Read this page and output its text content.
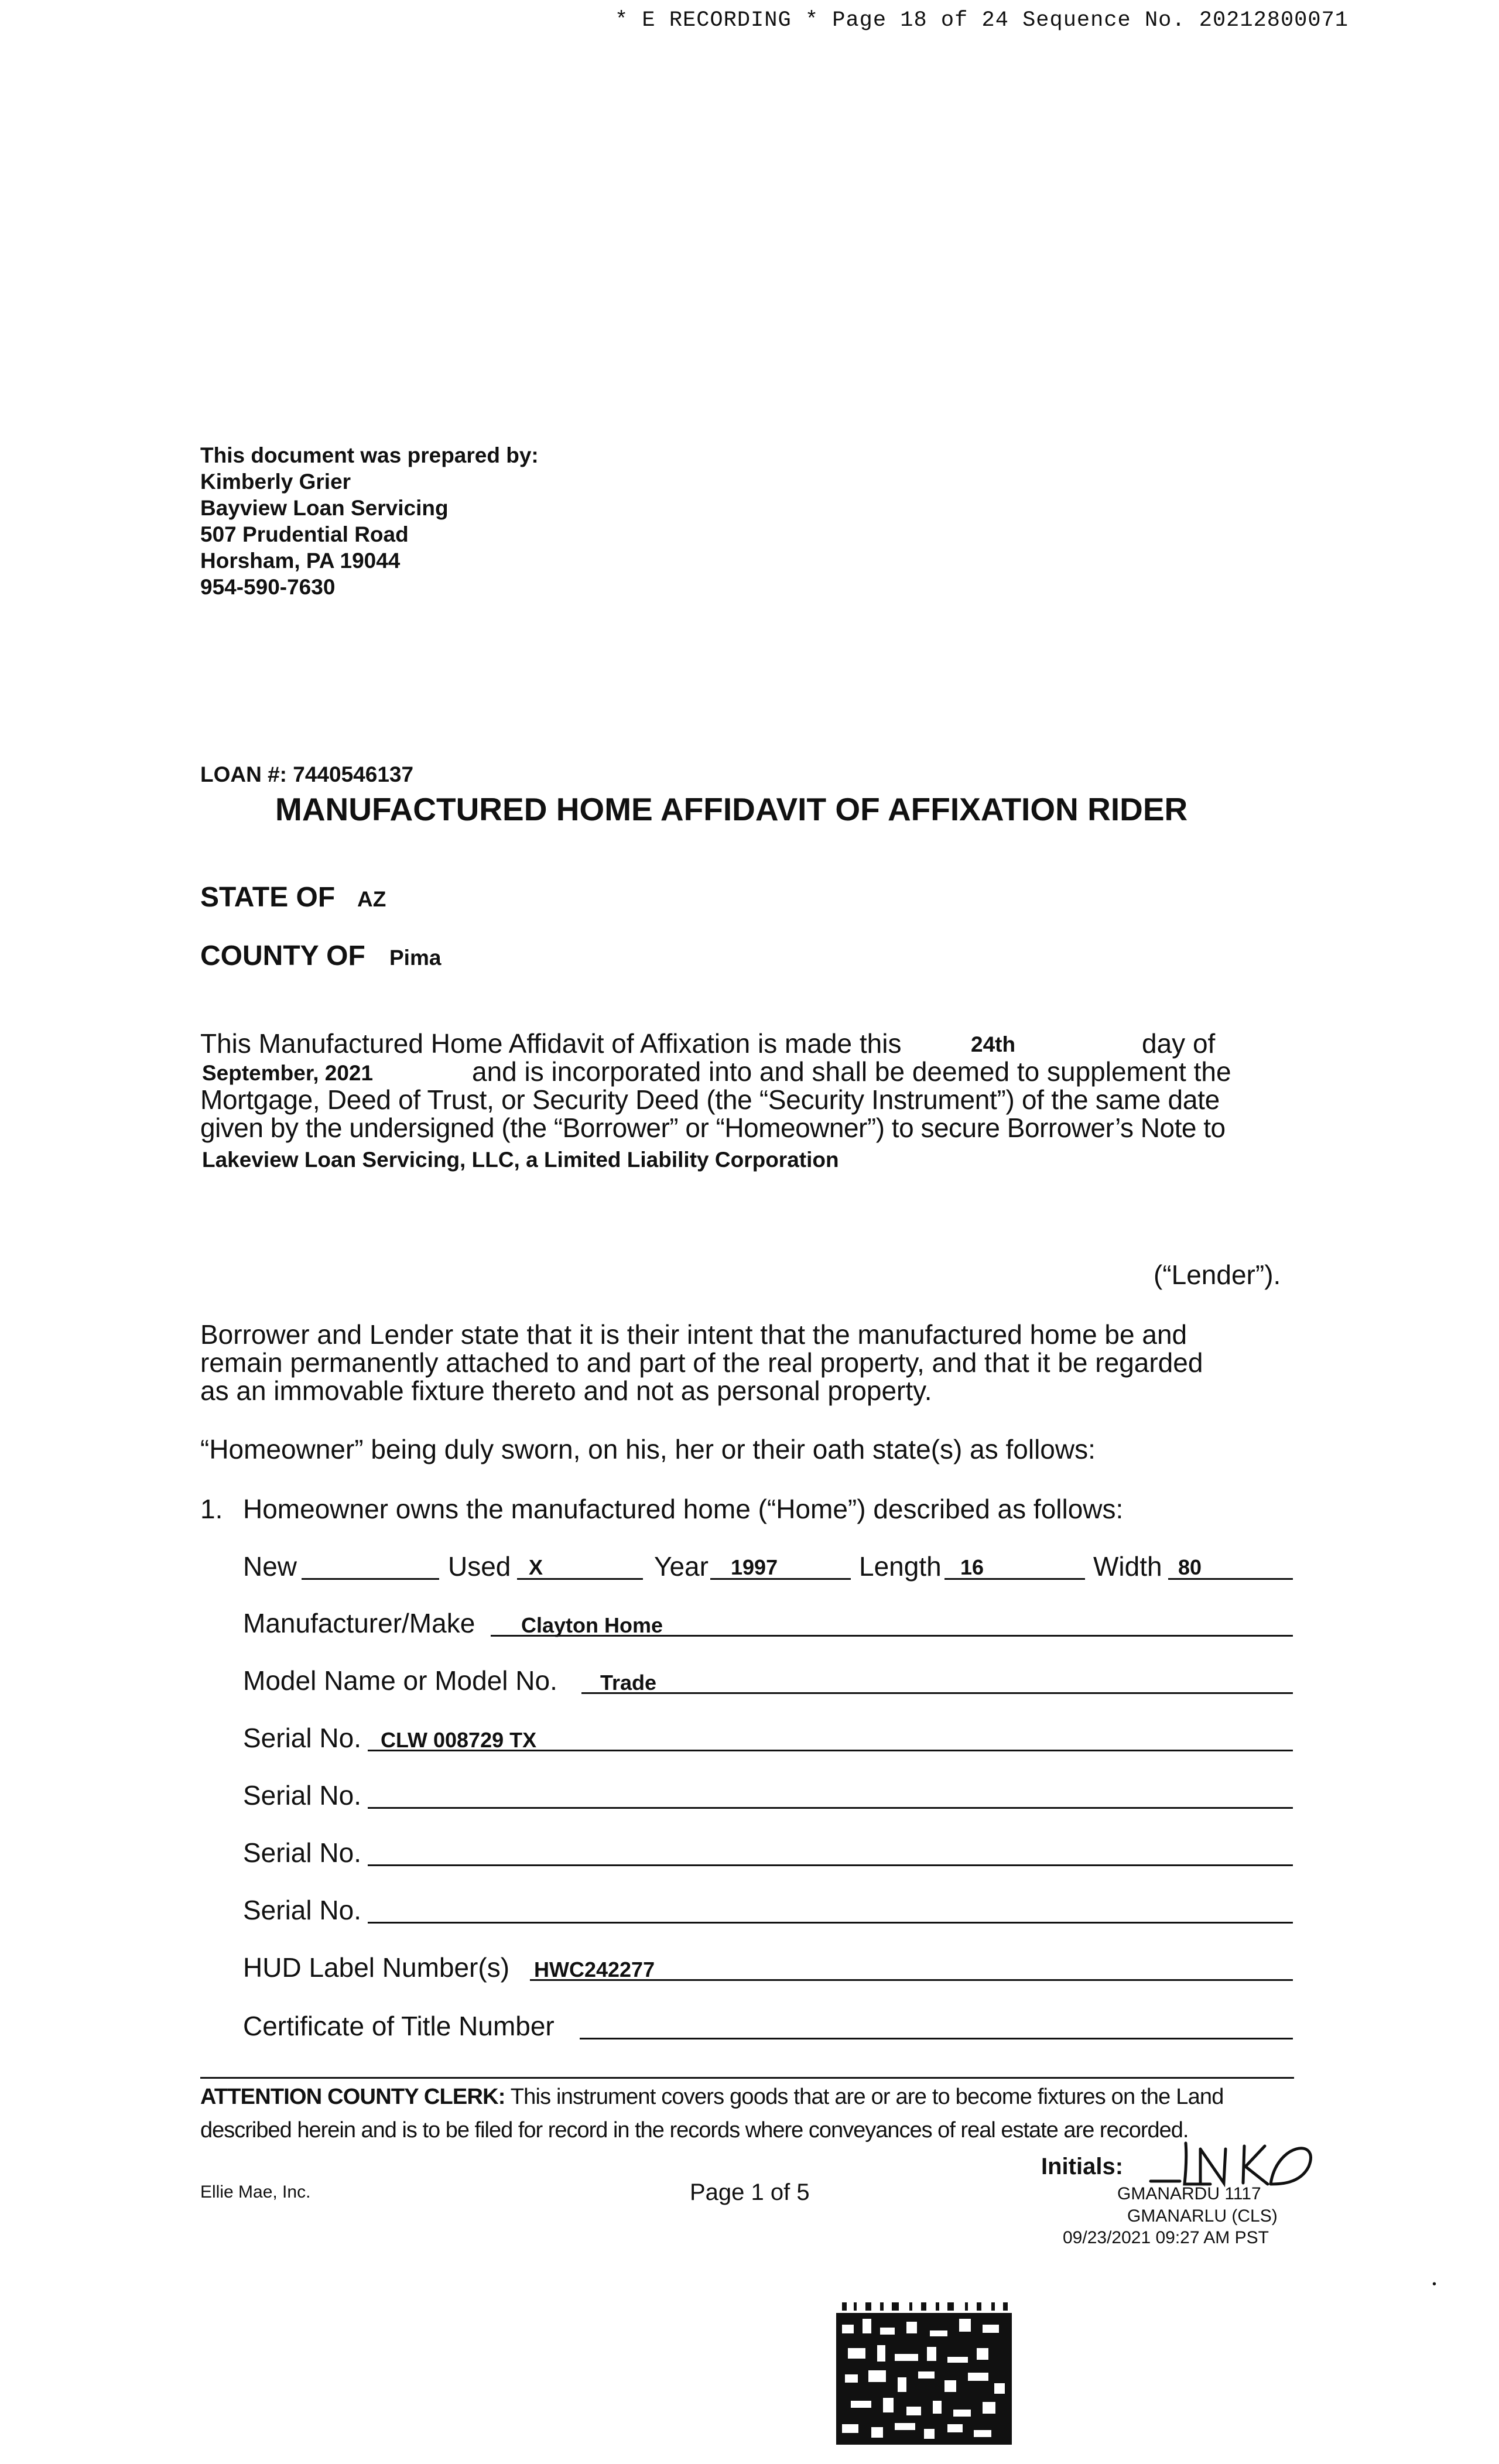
* E RECORDING * Page 18 of 24 Sequence No. 20212800071
This document was prepared by:
Kimberly Grier
Bayview Loan Servicing
507 Prudential Road
Horsham, PA 19044
954-590-7630
LOAN #: 7440546137
MANUFACTURED HOME AFFIDAVIT OF AFFIXATION RIDER
STATE OF AZ
COUNTY OF Pima
This Manufactured Home Affidavit of Affixation is made this	24th	day of
September, 2021	and is incorporated into and shall be deemed to supplement the
Mortgage, Deed of Trust, or Security Deed (the “Security Instrument”) of the same date
given by the undersigned (the “Borrower” or “Homeowner”) to secure Borrower’s Note to
Lakeview Loan Servicing, LLC, a Limited Liability Corporation
(“Lender”).
Borrower and Lender state that it is their intent that the manufactured home be and
remain permanently attached to and part of the real property, and that it be regarded
as an immovable fixture thereto and not as personal property.
“Homeowner” being duly sworn, on his, her or their oath state(s) as follows:
1. Homeowner owns the manufactured home (“Home”) described as follows:
New	Used X	Year 1997	Length 16	Width 80
Manufacturer/Make Clayton Home
Model Name or Model No. Trade
Serial No. CLW 008729 TX
Serial No.
Serial No.
Serial No.
HUD Label Number(s) HWC242277
Certificate of Title Number
ATTENTION COUNTY CLERK: This instrument covers goods that are or are to become fixtures on the Land
described herein and is to be filed for record in the records where conveyances of real estate are recorded.
Ellie Mae, Inc.	Page 1 of 5
Initials:
GMANARDU 1117
GMANARLU (CLS)
09/23/2021 09:27 AM PST
•
